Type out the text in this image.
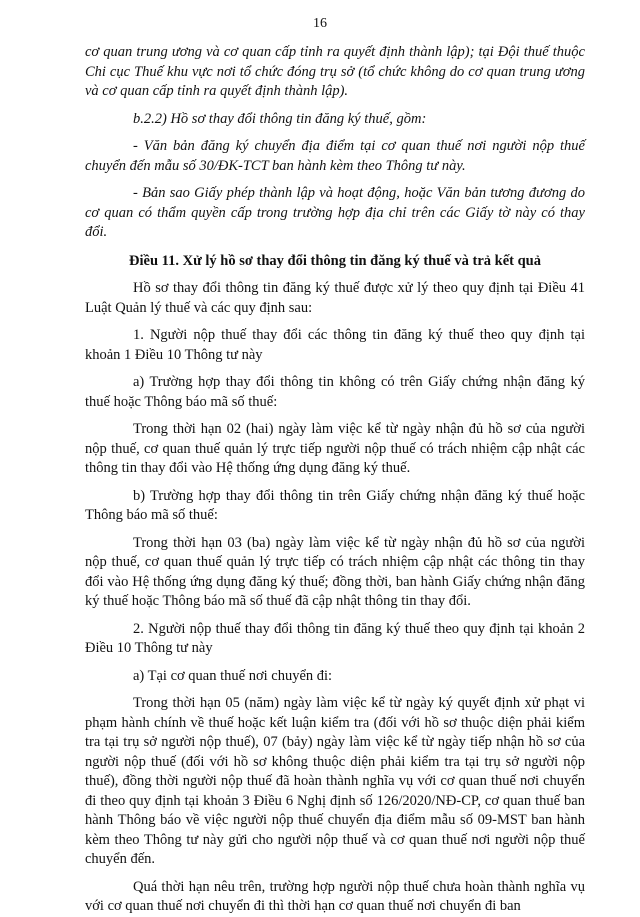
16

cơ quan trung ương và cơ quan cấp tỉnh ra quyết định thành lập); tại Đội thuế thuộc Chi cục Thuế khu vực nơi tổ chức đóng trụ sở (tổ chức không do cơ quan trung ương và cơ quan cấp tỉnh ra quyết định thành lập).

b.2.2) Hồ sơ thay đổi thông tin đăng ký thuế, gồm:

- Văn bản đăng ký chuyển địa điểm tại cơ quan thuế nơi người nộp thuế chuyển đến mẫu số 30/ĐK-TCT ban hành kèm theo Thông tư này.

- Bản sao Giấy phép thành lập và hoạt động, hoặc Văn bản tương đương do cơ quan có thẩm quyền cấp trong trường hợp địa chỉ trên các Giấy tờ này có thay đổi.

Điều 11. Xử lý hồ sơ thay đổi thông tin đăng ký thuế và trả kết quả

Hồ sơ thay đổi thông tin đăng ký thuế được xử lý theo quy định tại Điều 41 Luật Quản lý thuế và các quy định sau:

1. Người nộp thuế thay đổi các thông tin đăng ký thuế theo quy định tại khoản 1 Điều 10 Thông tư này

a) Trường hợp thay đổi thông tin không có trên Giấy chứng nhận đăng ký thuế hoặc Thông báo mã số thuế:

Trong thời hạn 02 (hai) ngày làm việc kể từ ngày nhận đủ hồ sơ của người nộp thuế, cơ quan thuế quản lý trực tiếp người nộp thuế có trách nhiệm cập nhật các thông tin thay đổi vào Hệ thống ứng dụng đăng ký thuế.

b) Trường hợp thay đổi thông tin trên Giấy chứng nhận đăng ký thuế hoặc Thông báo mã số thuế:

Trong thời hạn 03 (ba) ngày làm việc kể từ ngày nhận đủ hồ sơ của người nộp thuế, cơ quan thuế quản lý trực tiếp có trách nhiệm cập nhật các thông tin thay đổi vào Hệ thống ứng dụng đăng ký thuế; đồng thời, ban hành Giấy chứng nhận đăng ký thuế hoặc Thông báo mã số thuế đã cập nhật thông tin thay đổi.

2. Người nộp thuế thay đổi thông tin đăng ký thuế theo quy định tại khoản 2 Điều 10 Thông tư này

a) Tại cơ quan thuế nơi chuyển đi:

Trong thời hạn 05 (năm) ngày làm việc kể từ ngày ký quyết định xử phạt vi phạm hành chính về thuế hoặc kết luận kiểm tra (đối với hồ sơ thuộc diện phải kiểm tra tại trụ sở người nộp thuế), 07 (bảy) ngày làm việc kể từ ngày tiếp nhận hồ sơ của người nộp thuế (đối với hồ sơ không thuộc diện phải kiểm tra tại trụ sở người nộp thuế), đồng thời người nộp thuế đã hoàn thành nghĩa vụ với cơ quan thuế nơi chuyển đi theo quy định tại khoản 3 Điều 6 Nghị định số 126/2020/NĐ-CP, cơ quan thuế ban hành Thông báo về việc người nộp thuế chuyển địa điểm mẫu số 09-MST ban hành kèm theo Thông tư này gửi cho người nộp thuế và cơ quan thuế nơi người nộp thuế chuyển đến.

Quá thời hạn nêu trên, trường hợp người nộp thuế chưa hoàn thành nghĩa vụ với cơ quan thuế nơi chuyển đi thì thời hạn cơ quan thuế nơi chuyển đi ban
